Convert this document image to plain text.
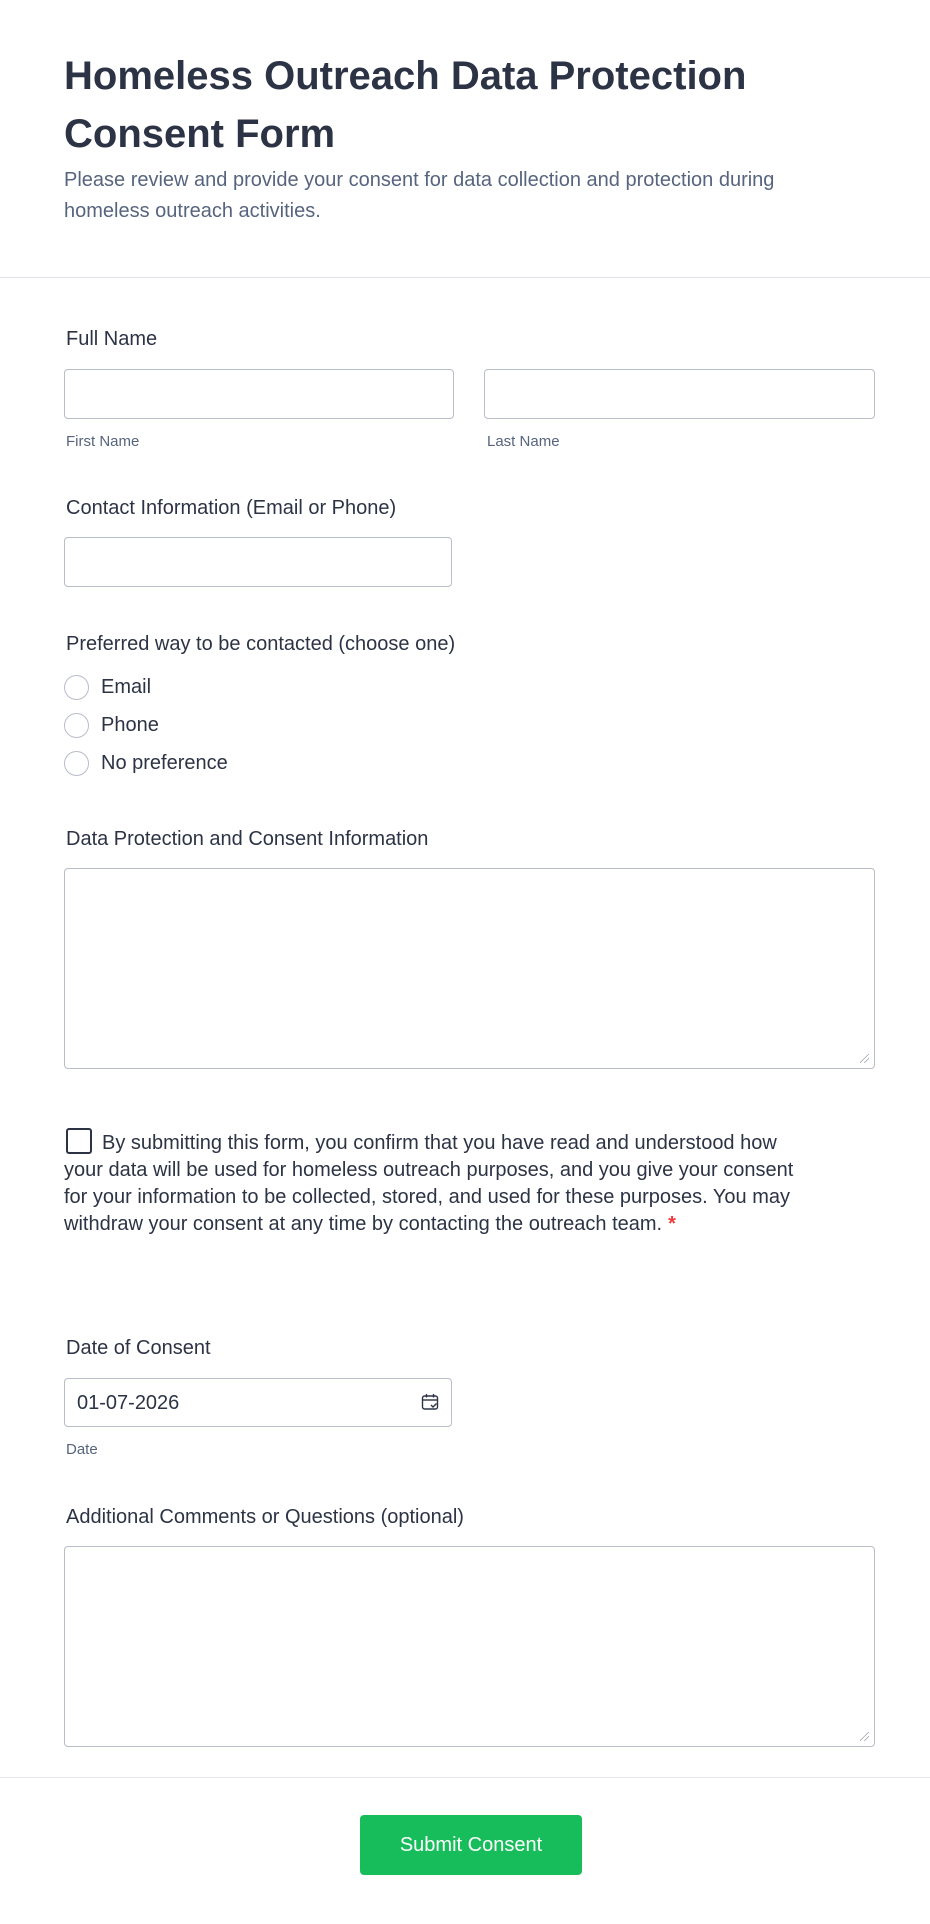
Homeless Outreach Data Protection Consent Form
Please review and provide your consent for data collection and protection during homeless outreach activities.
Full Name
First Name	Last Name
Contact Information (Email or Phone)
Preferred way to be contacted (choose one)
Email
Phone
No preference
Data Protection and Consent Information
By submitting this form, you confirm that you have read and understood how your data will be used for homeless outreach purposes, and you give your consent for your information to be collected, stored, and used for these purposes. You may withdraw your consent at any time by contacting the outreach team. *
Date of Consent
01-07-2026
Date
Additional Comments or Questions (optional)
Submit Consent
